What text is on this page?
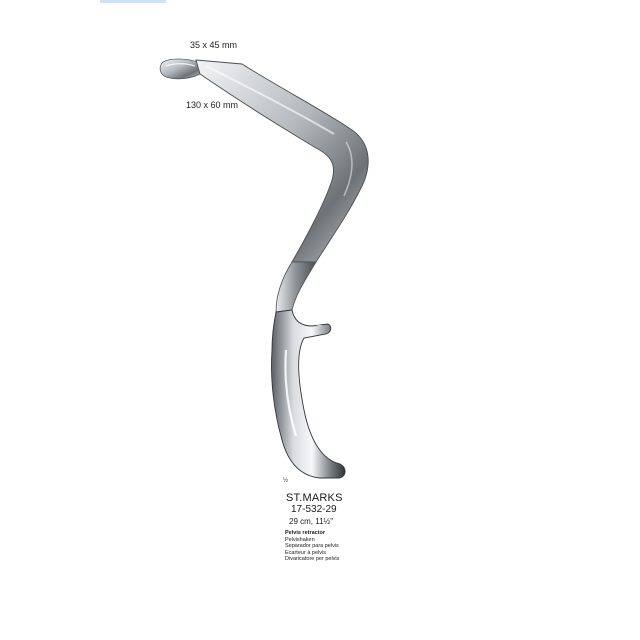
35 x 45 mm
130 x 60 mm
½
ST.MARKS
17-532-29
29 cm, 11½"
Pelvis retractor
Pelvishaken
Separador para pelvis
Ecarteur à pelvis
Divaricatore per pelvis
